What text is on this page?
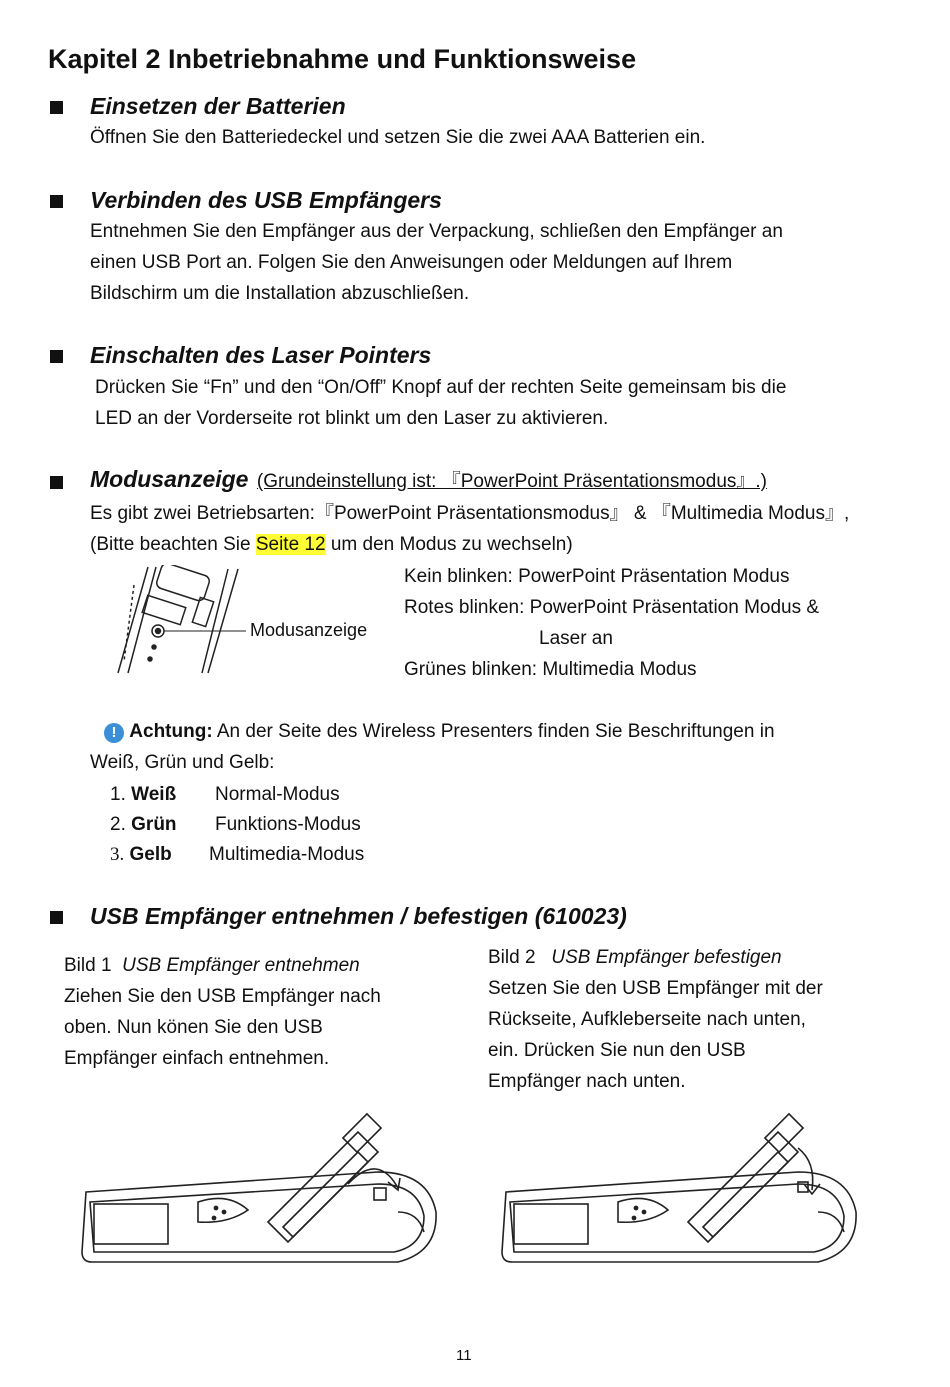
Kapitel 2 Inbetriebnahme und Funktionsweise
Einsetzen der Batterien
Öffnen Sie den Batteriedeckel und setzen Sie die zwei AAA Batterien ein.
Verbinden des USB Empfängers
Entnehmen Sie den Empfänger aus der Verpackung, schließen den Empfänger an
einen USB Port an. Folgen Sie den Anweisungen oder Meldungen auf Ihrem
Bildschirm um die Installation abzuschließen.
Einschalten des Laser Pointers
Drücken Sie “Fn” und den “On/Off” Knopf auf der rechten Seite gemeinsam bis die
LED an der Vorderseite rot blinkt um den Laser zu aktivieren.
Modusanzeige (Grundeinstellung ist: 『PowerPoint Präsentationsmodus』.)
Es gibt zwei Betriebsarten:『PowerPoint Präsentationsmodus』 & 『Multimedia Modus』,
(Bitte beachten Sie Seite 12 um den Modus zu wechseln)
Modusanzeige
Kein blinken: PowerPoint Präsentation Modus
Rotes blinken: PowerPoint Präsentation Modus &
Laser an
Grünes blinken: Multimedia Modus
! Achtung: An der Seite des Wireless Presenters finden Sie Beschriftungen in
Weiß, Grün und Gelb:
1. Weiß Normal-Modus
2. Grün Funktions-Modus
3. Gelb Multimedia-Modus
USB Empfänger entnehmen / befestigen (610023)
Bild 1 USB Empfänger entnehmen
Ziehen Sie den USB Empfänger nach
oben. Nun könen Sie den USB
Empfänger einfach entnehmen.
Bild 2 USB Empfänger befestigen
Setzen Sie den USB Empfänger mit der
Rückseite, Aufkleberseite nach unten,
ein. Drücken Sie nun den USB
Empfänger nach unten.
11
